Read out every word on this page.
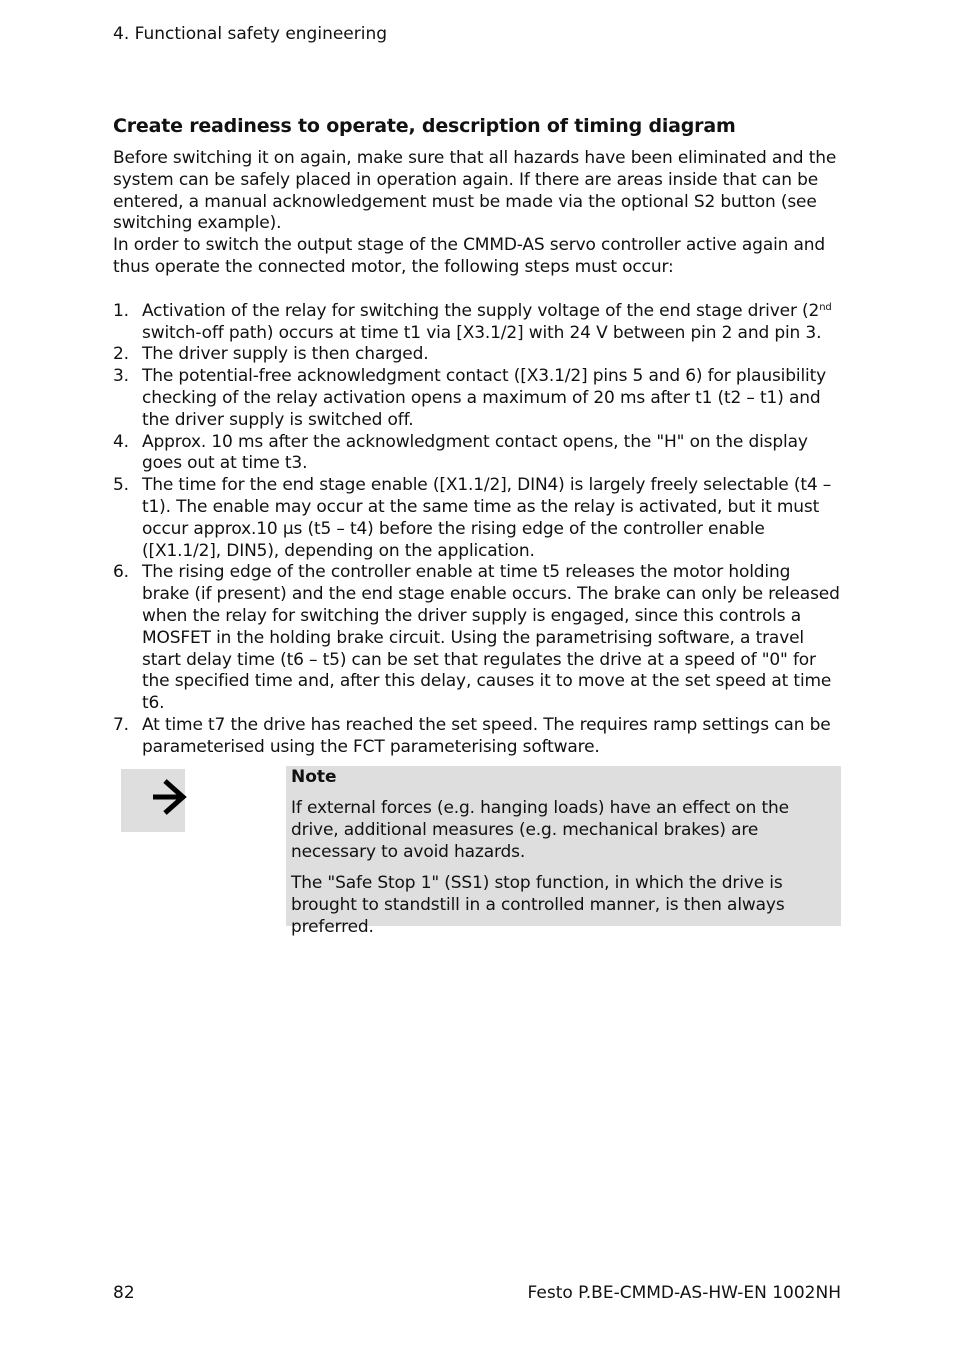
4. Functional safety engineering
Create readiness to operate, description of timing diagram

Before switching it on again, make sure that all hazards have been eliminated and the system can be safely placed in operation again. If there are areas inside that can be entered, a manual acknowledgement must be made via the optional S2 button (see switching example).

In order to switch the output stage of the CMMD-AS servo controller active again and thus operate the connected motor, the following steps must occur:

1. Activation of the relay for switching the supply voltage of the end stage driver (2nd switch-off path) occurs at time t1 via [X3.1/2] with 24 V between pin 2 and pin 3.
2. The driver supply is then charged.
3. The potential-free acknowledgment contact ([X3.1/2] pins 5 and 6) for plausibility checking of the relay activation opens a maximum of 20 ms after t1 (t2 – t1) and the driver supply is switched off.
4. Approx. 10 ms after the acknowledgment contact opens, the "H" on the display goes out at time t3.
5. The time for the end stage enable ([X1.1/2], DIN4) is largely freely selectable (t4 – t1). The enable may occur at the same time as the relay is activated, but it must occur approx.10 µs (t5 – t4) before the rising edge of the controller enable ([X1.1/2], DIN5), depending on the application.
6. The rising edge of the controller enable at time t5 releases the motor holding brake (if present) and the end stage enable occurs. The brake can only be released when the relay for switching the driver supply is engaged, since this controls a MOSFET in the holding brake circuit. Using the parametrising software, a travel start delay time (t6 – t5) can be set that regulates the drive at a speed of "0" for the specified time and, after this delay, causes it to move at the set speed at time t6.
7. At time t7 the drive has reached the set speed. The requires ramp settings can be parameterised using the FCT parameterising software.

Note

If external forces (e.g. hanging loads) have an effect on the drive, additional measures (e.g. mechanical brakes) are necessary to avoid hazards.

The "Safe Stop 1" (SS1) stop function, in which the drive is brought to standstill in a controlled manner, is then always preferred.

82	Festo P.BE-CMMD-AS-HW-EN 1002NH
